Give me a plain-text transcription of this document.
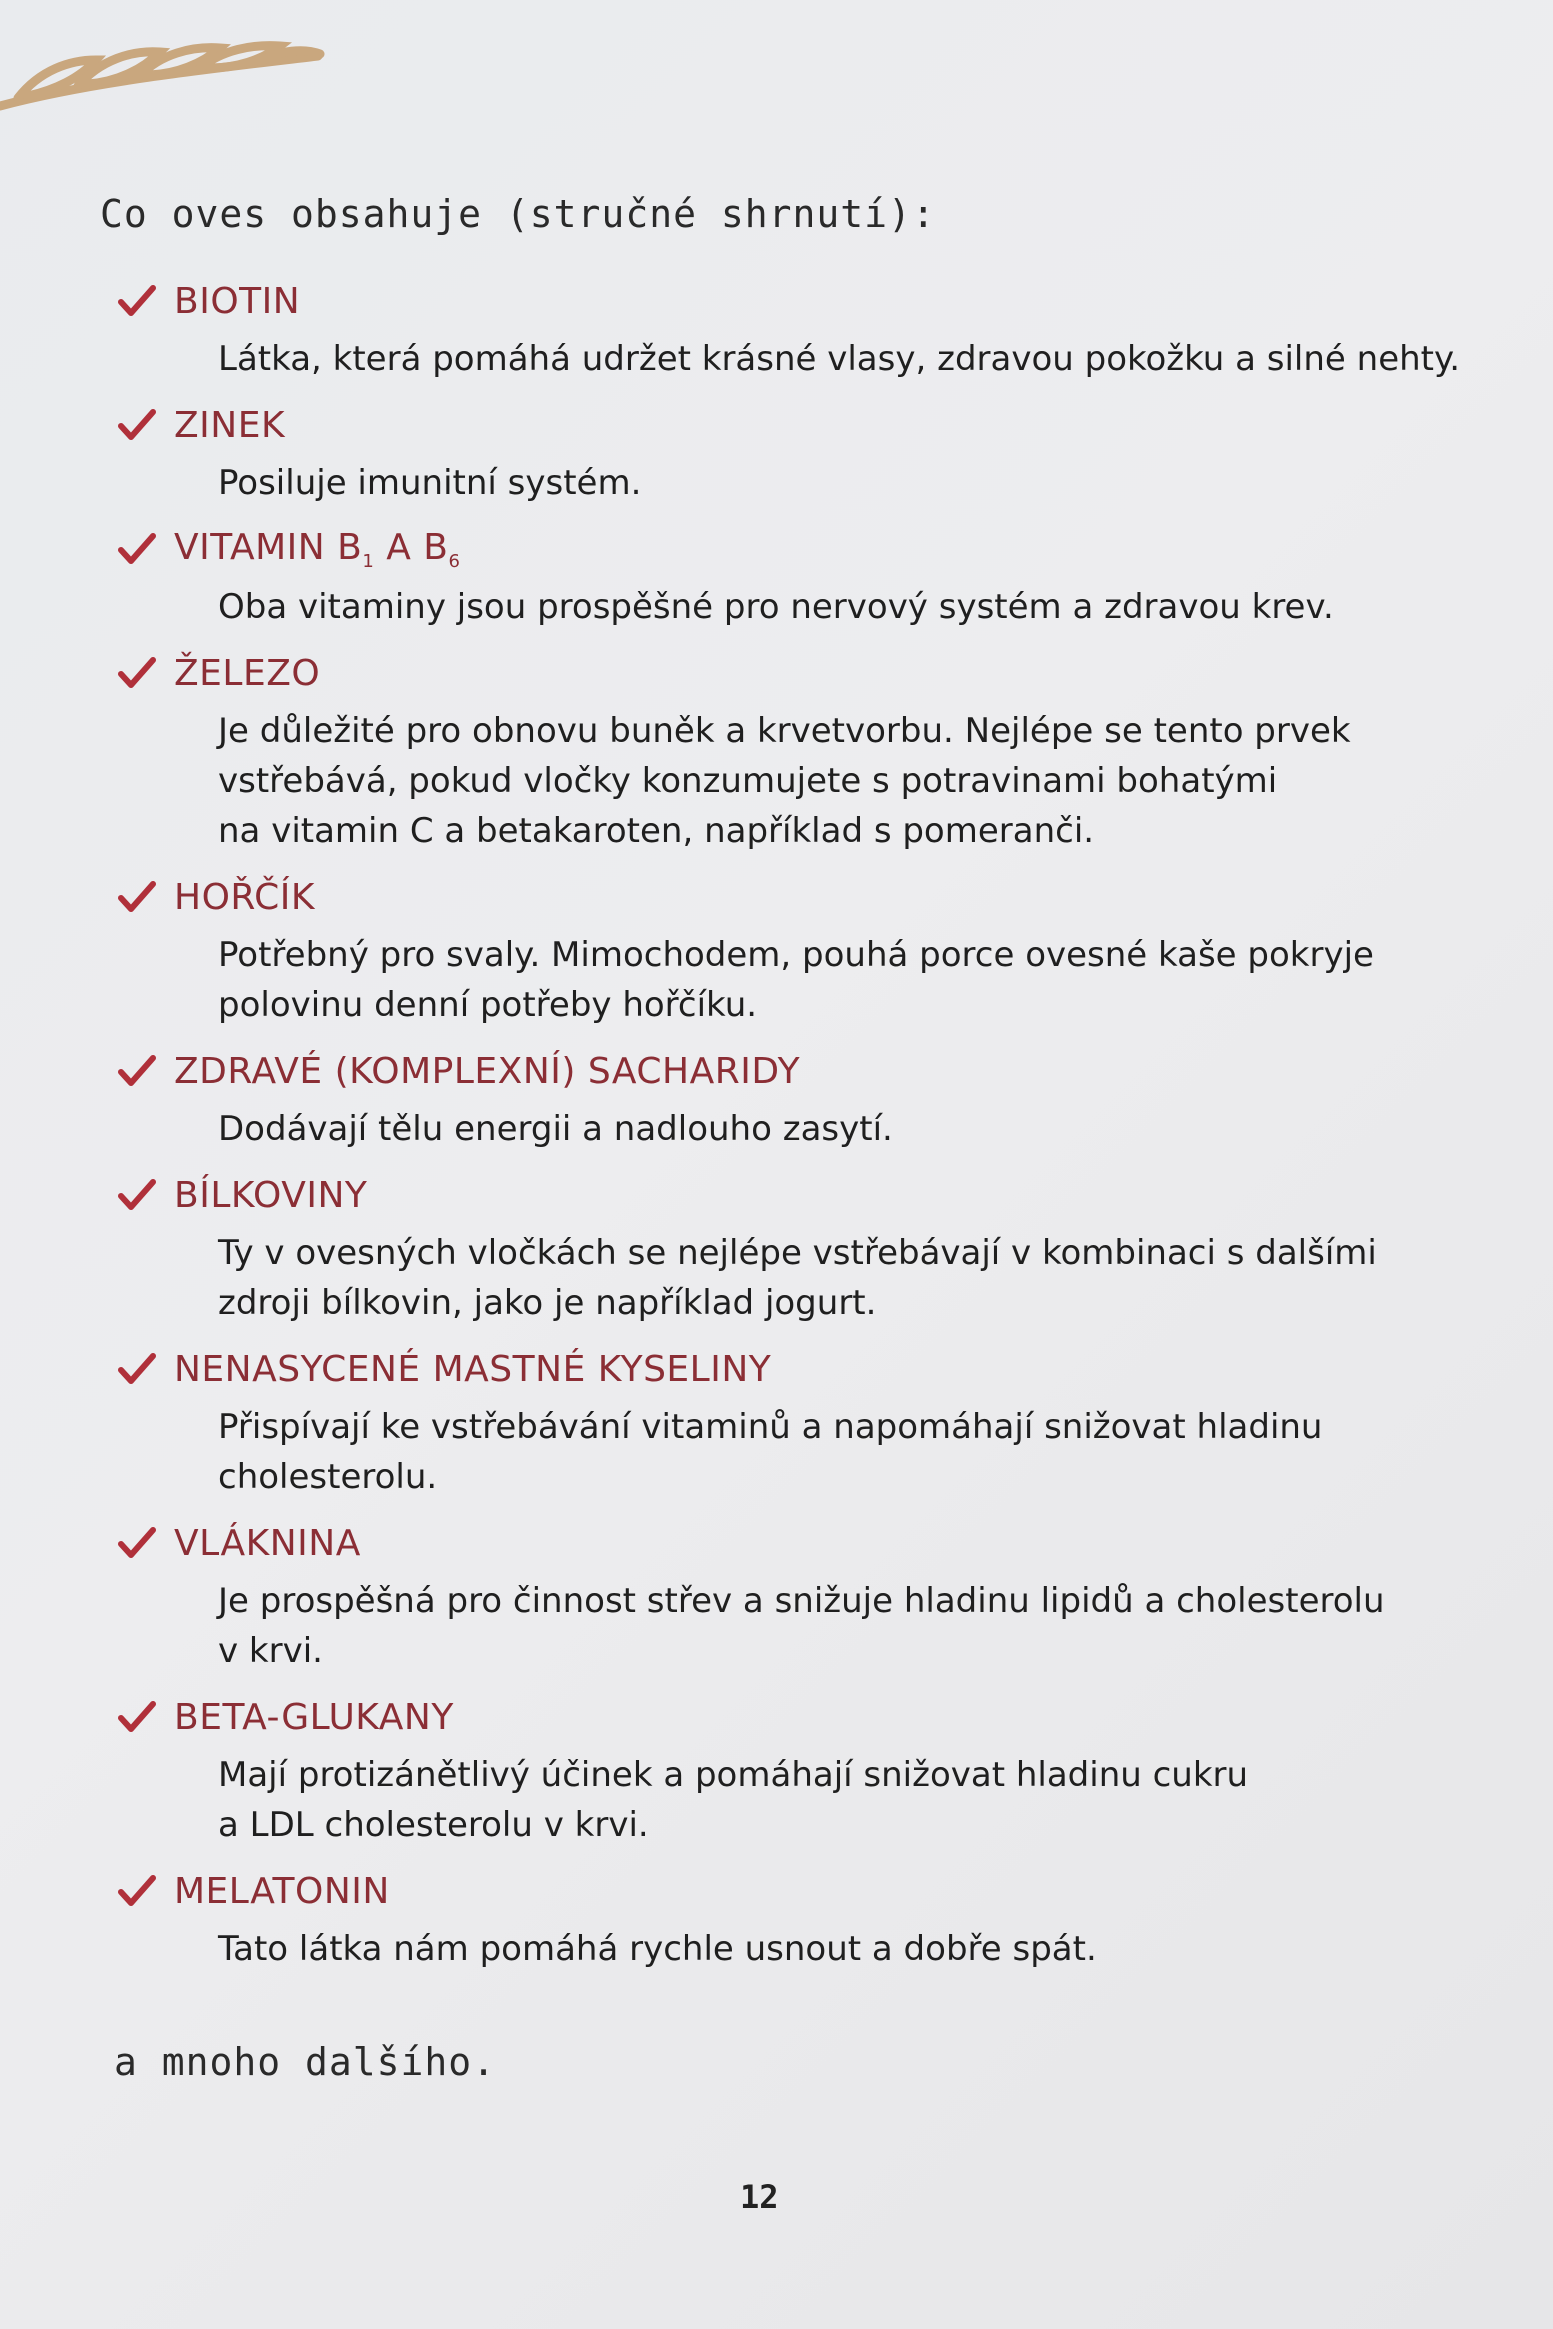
Co oves obsahuje (stručné shrnutí):
BIOTIN
Látka, která pomáhá udržet krásné vlasy, zdravou pokožku a silné nehty.
ZINEK
Posiluje imunitní systém.
VITAMIN $B_1$ A $B_6$
Oba vitaminy jsou prospěšné pro nervový systém a zdravou krev.
ŽELEZO
Je důležité pro obnovu buněk a krvetvorbu. Nejlépe se tento prvek
vstřebává, pokud vločky konzumujete s potravinami bohatými
na vitamin C a betakaroten, například s pomeranči.
HOŘČÍK
Potřebný pro svaly. Mimochodem, pouhá porce ovesné kaše pokryje
polovinu denní potřeby hořčíku.
ZDRAVÉ (KOMPLEXNÍ) SACHARIDY
Dodávají tělu energii a nadlouho zasytí.
BÍLKOVINY
Ty v ovesných vločkách se nejlépe vstřebávají v kombinaci s dalšími
zdroji bílkovin, jako je například jogurt.
NENASYCENÉ MASTNÉ KYSELINY
Přispívají ke vstřebávání vitaminů a napomáhají snižovat hladinu
cholesterolu.
VLÁKNINA
Je prospěšná pro činnost střev a snižuje hladinu lipidů a cholesterolu
v krvi.
BETA-GLUKANY
Mají protizánětlivý účinek a pomáhají snižovat hladinu cukru
a LDL cholesterolu v krvi.
MELATONIN
Tato látka nám pomáhá rychle usnout a dobře spát.
a mnoho dalšího.
12
